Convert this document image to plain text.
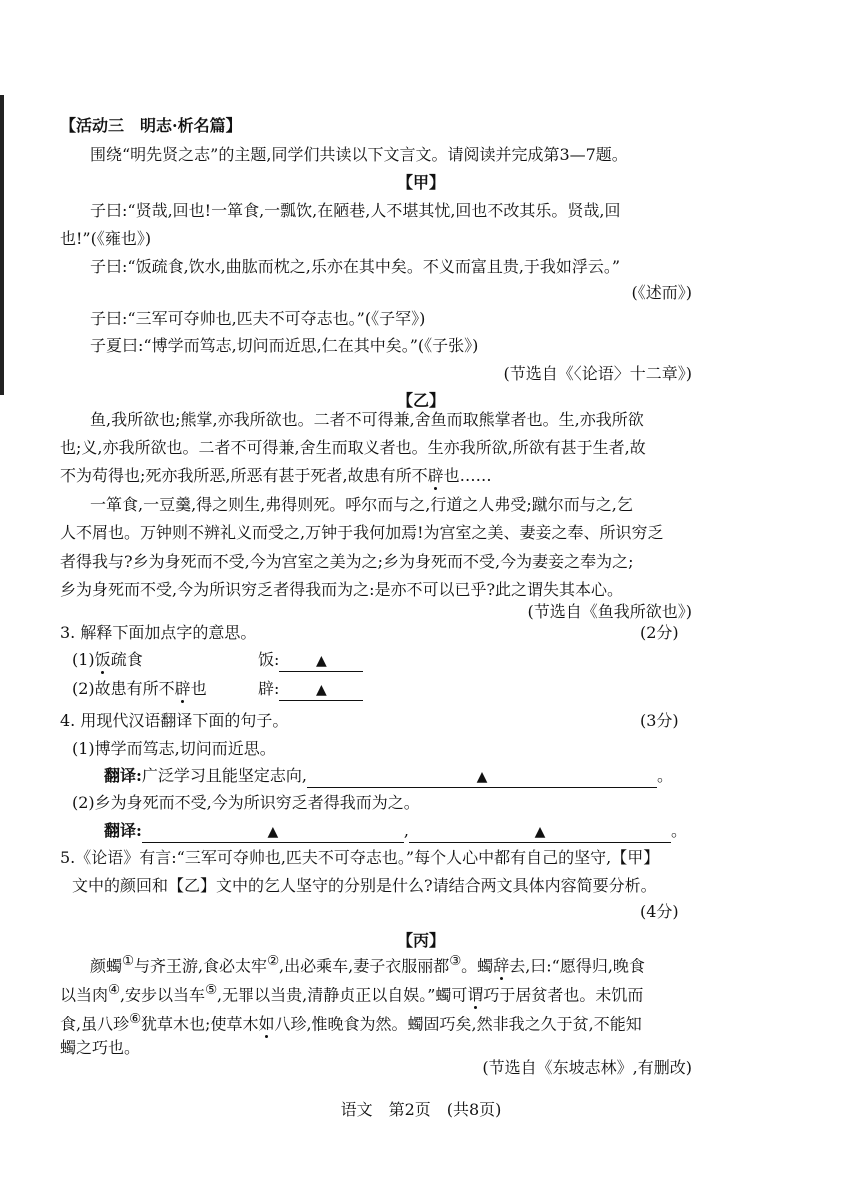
【活动三　明志·析名篇】
围绕“明先贤之志”的主题,同学们共读以下文言文。请阅读并完成第3—7题。
【甲】
子曰:“贤哉,回也!一箪食,一瓢饮,在陋巷,人不堪其忧,回也不改其乐。贤哉,回
也!”(《雍也》)
子曰:“饭疏食,饮水,曲肱而枕之,乐亦在其中矣。不义而富且贵,于我如浮云。”
(《述而》)
子曰:“三军可夺帅也,匹夫不可夺志也。”(《子罕》)
子夏曰:“博学而笃志,切问而近思,仁在其中矣。”(《子张》)
(节选自《〈论语〉十二章》)
【乙】
鱼,我所欲也;熊掌,亦我所欲也。二者不可得兼,舍鱼而取熊掌者也。生,亦我所欲
也;义,亦我所欲也。二者不可得兼,舍生而取义者也。生亦我所欲,所欲有甚于生者,故
不为苟得也;死亦我所恶,所恶有甚于死者,故患有所不辟也……
一箪食,一豆羹,得之则生,弗得则死。呼尔而与之,行道之人弗受;蹴尔而与之,乞
人不屑也。万钟则不辨礼义而受之,万钟于我何加焉!为宫室之美、妻妾之奉、所识穷乏
者得我与?乡为身死而不受,今为宫室之美为之;乡为身死而不受,今为妻妾之奉为之;
乡为身死而不受,今为所识穷乏者得我而为之:是亦不可以已乎?此之谓失其本心。
(节选自《鱼我所欲也》)
3. 解释下面加点字的意思。	(2分)
(1)饭疏食	饭:	▲
(2)故患有所不辟也	辟:	▲
4. 用现代汉语翻译下面的句子。	(3分)
(1)博学而笃志,切问而近思。
翻译:广泛学习且能坚定志向,	▲	。
(2)乡为身死而不受,今为所识穷乏者得我而为之。
翻译:	▲	,	▲	。
5.《论语》有言:“三军可夺帅也,匹夫不可夺志也。”每个人心中都有自己的坚守,【甲】
文中的颜回和【乙】文中的乞人坚守的分别是什么?请结合两文具体内容简要分析。
(4分)
【丙】
颜蠋①与齐王游,食必太牢②,出必乘车,妻子衣服丽都③。蠋辞去,曰:“愿得归,晚食
以当肉④,安步以当车⑤,无罪以当贵,清静贞正以自娱。”蠋可谓巧于居贫者也。未饥而
食,虽八珍⑥犹草木也;使草木如八珍,惟晚食为然。蠋固巧矣,然非我之久于贫,不能知
蠋之巧也。
(节选自《东坡志林》,有删改)
语文　第2页　(共8页)
